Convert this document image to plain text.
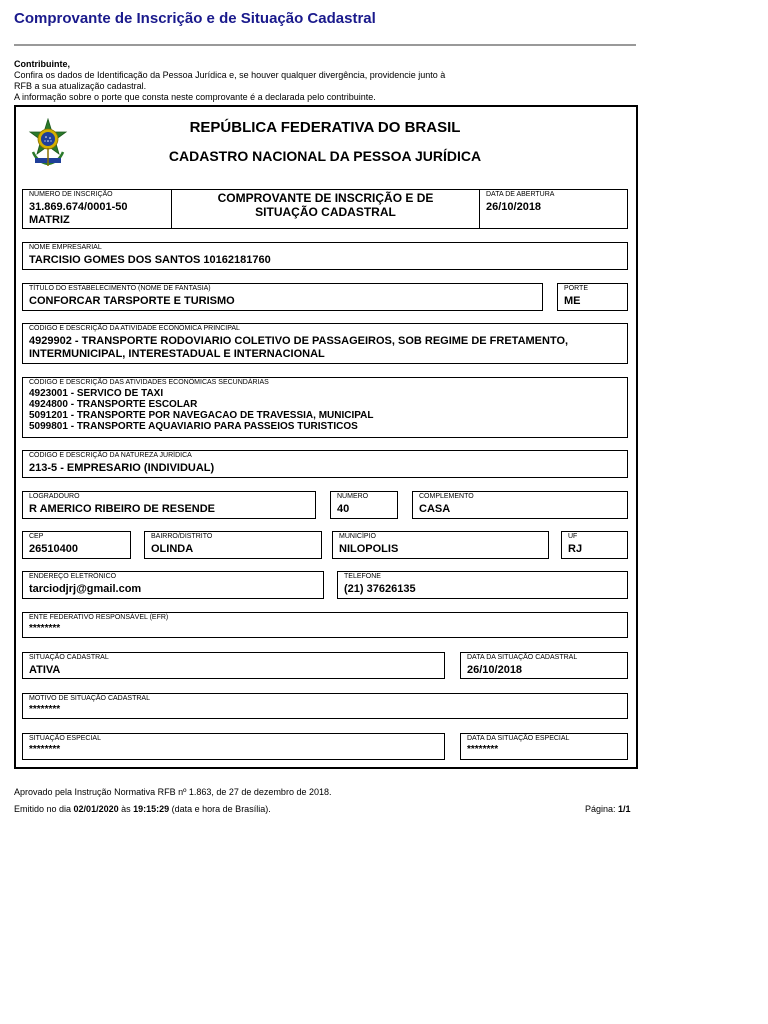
Comprovante de Inscrição e de Situação Cadastral
Contribuinte,
Confira os dados de Identificação da Pessoa Jurídica e, se houver qualquer divergência, providencie junto à
RFB a sua atualização cadastral.
A informação sobre o porte que consta neste comprovante é a declarada pelo contribuinte.
REPÚBLICA FEDERATIVA DO BRASIL
CADASTRO NACIONAL DA PESSOA JURÍDICA
NÚMERO DE INSCRIÇÃO
31.869.674/0001-50
MATRIZ
COMPROVANTE DE INSCRIÇÃO E DE
SITUAÇÃO CADASTRAL
DATA DE ABERTURA
26/10/2018
NOME EMPRESARIAL
TARCISIO GOMES DOS SANTOS 10162181760
TÍTULO DO ESTABELECIMENTO (NOME DE FANTASIA)
CONFORCAR TARSPORTE E TURISMO
PORTE
ME
CÓDIGO E DESCRIÇÃO DA ATIVIDADE ECONÔMICA PRINCIPAL
4929902 - TRANSPORTE RODOVIARIO COLETIVO DE PASSAGEIROS, SOB REGIME DE FRETAMENTO,
INTERMUNICIPAL, INTERESTADUAL E INTERNACIONAL
CÓDIGO E DESCRIÇÃO DAS ATIVIDADES ECONÔMICAS SECUNDÁRIAS
4923001 - SERVICO DE TAXI
4924800 - TRANSPORTE ESCOLAR
5091201 - TRANSPORTE POR NAVEGACAO DE TRAVESSIA, MUNICIPAL
5099801 - TRANSPORTE AQUAVIARIO PARA PASSEIOS TURISTICOS
CÓDIGO E DESCRIÇÃO DA NATUREZA JURÍDICA
213-5 - EMPRESARIO (INDIVIDUAL)
LOGRADOURO
R AMERICO RIBEIRO DE RESENDE
NÚMERO
40
COMPLEMENTO
CASA
CEP
26510400
BAIRRO/DISTRITO
OLINDA
MUNICÍPIO
NILOPOLIS
UF
RJ
ENDEREÇO ELETRÔNICO
tarciodjrj@gmail.com
TELEFONE
(21) 37626135
ENTE FEDERATIVO RESPONSÁVEL (EFR)
********
SITUAÇÃO CADASTRAL
ATIVA
DATA DA SITUAÇÃO CADASTRAL
26/10/2018
MOTIVO DE SITUAÇÃO CADASTRAL
********
SITUAÇÃO ESPECIAL
********
DATA DA SITUAÇÃO ESPECIAL
********
Aprovado pela Instrução Normativa RFB nº 1.863, de 27 de dezembro de 2018.
Emitido no dia 02/01/2020 às 19:15:29 (data e hora de Brasília).	Página: 1/1
